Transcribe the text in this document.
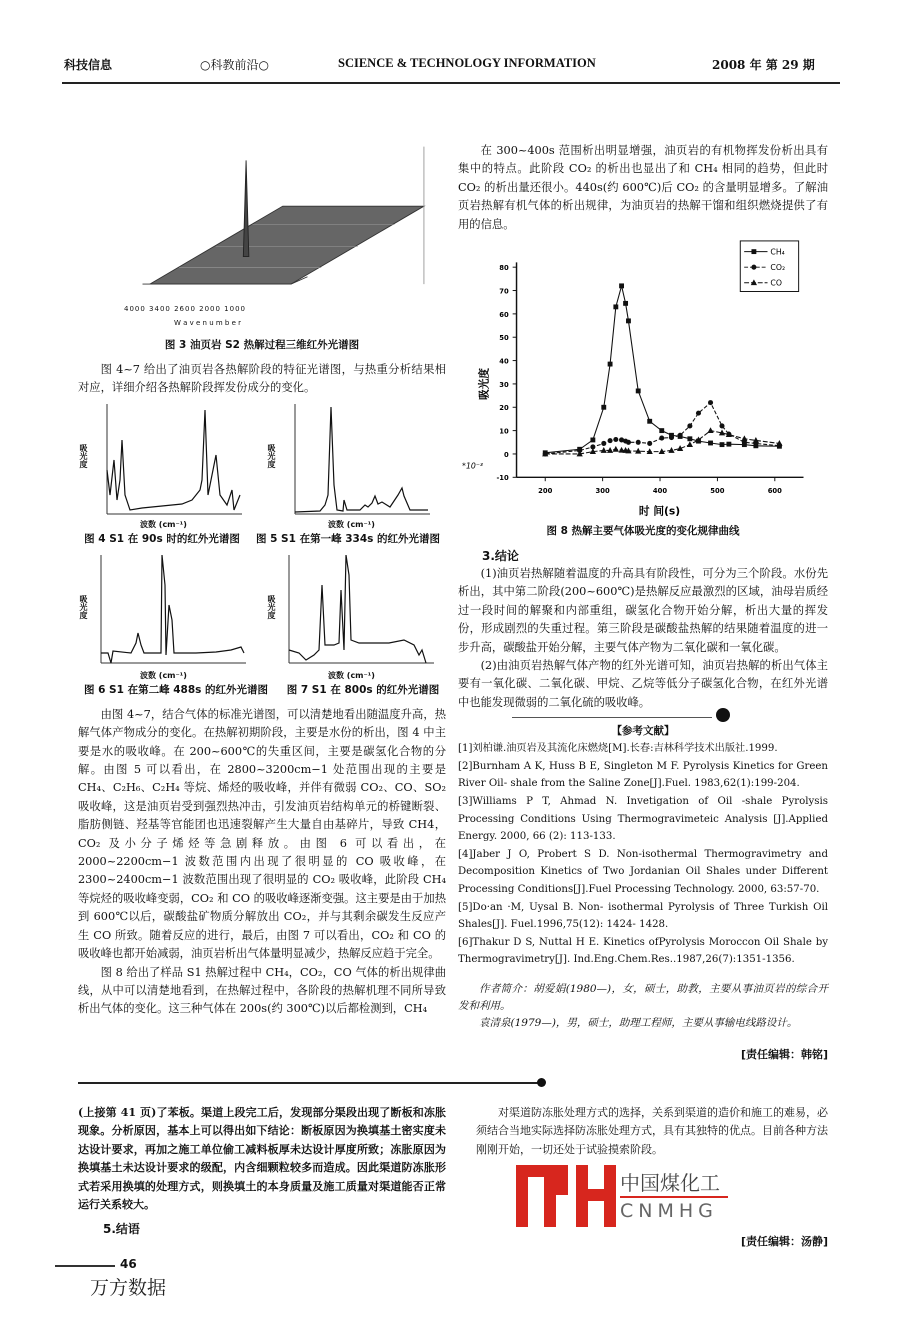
科技信息	○科教前沿○	SCIENCE & TECHNOLOGY INFORMATION	2008 年 第 29 期
4000 3400 2600 2000 1000
W a v e n u m b e r
图 3 油页岩 S2 热解过程三维红外光谱图

图 4~7 给出了油页岩各热解阶段的特征光谱图，与热重分析结果相对应，详细介绍各热解阶段挥发份成分的变化。

吸光度
波数 (cm⁻¹)
吸光度
波数 (cm⁻¹)
图 4 S1 在 90s 时的红外光谱图	图 5 S1 在第一峰 334s 的红外光谱图
吸光度
波数 (cm⁻¹)
吸光度
波数 (cm⁻¹)
图 6 S1 在第二峰 488s 的红外光谱图	图 7 S1 在 800s 的红外光谱图

由图 4~7，结合气体的标准光谱图，可以清楚地看出随温度升高，热解气体产物成分的变化。在热解初期阶段，主要是水份的析出，图 4 中主要是水的吸收峰。在 200~600℃的失重区间，主要是碳氢化合物的分解。由图 5 可以看出，在 2800~3200cm−1 处范围出现的主要是 CH₄、C₂H₆、C₂H₄ 等烷、烯烃的吸收峰，并伴有微弱 CO₂、CO、SO₂ 吸收峰，这是油页岩受到强烈热冲击，引发油页岩结构单元的桥键断裂、脂肪侧链、羟基等官能团也迅速裂解产生大量自由基碎片，导致 CH4，CO₂ 及小分子烯烃等急剧释放。由图 6 可以看出，在 2000~2200cm−1 波数范围内出现了很明显的 CO 吸收峰，在 2300~2400cm−1 波数范围出现了很明显的 CO₂ 吸收峰，此阶段 CH₄ 等烷烃的吸收峰变弱，CO₂ 和 CO 的吸收峰逐渐变强。这主要是由于加热到 600℃以后，碳酸盐矿物质分解放出 CO₂，并与其剩余碳发生反应产生 CO 所致。随着反应的进行，最后，由图 7 可以看出，CO₂ 和 CO 的吸收峰也都开始减弱，油页岩析出气体量明显减少，热解反应趋于完全。

图 8 给出了样品 S1 热解过程中 CH₄，CO₂，CO 气体的析出规律曲线，从中可以清楚地看到，在热解过程中，各阶段的热解机理不同所导致析出气体的变化。这三种气体在 200s(约 300℃)以后都检测到，CH₄

在 300~400s 范围析出明显增强，油页岩的有机物挥发份析出具有集中的特点。此阶段 CO₂ 的析出也显出了和 CH₄ 相同的趋势，但此时 CO₂ 的析出量还很小。440s(约 600℃)后 CO₂ 的含量明显增多。了解油页岩热解有机气体的析出规律，为油页岩的热解干馏和组织燃烧提供了有用的信息。

-10
0
10
20
30
40
50
60
70
80
200	300	400	500	600
*10⁻³
吸光度
时 间(s)
CH₄
CO₂
CO
图 8 热解主要气体吸光度的变化规律曲线
3.结论

(1)油页岩热解随着温度的升高具有阶段性，可分为三个阶段。水份先析出，其中第二阶段(200~600℃)是热解反应最激烈的区域，油母岩质经过一段时间的解聚和内部重组，碳氢化合物开始分解，析出大量的挥发份，形成剧烈的失重过程。第三阶段是碳酸盐热解的结果随着温度的进一步升高，碳酸盐开始分解，主要气体产物为二氧化碳和一氧化碳。

(2)由油页岩热解气体产物的红外光谱可知，油页岩热解的析出气体主要有一氧化碳、二氧化碳、甲烷、乙烷等低分子碳氢化合物，在红外光谱中也能发现微弱的二氧化硫的吸收峰。

【参考文献】

[1]刘柏谦.油页岩及其流化床燃烧[M].长春:吉林科学技术出版社.1999.

[2]Burnham A K, Huss B E, Singleton M F. Pyrolysis Kinetics for Green River Oil- shale from the Saline Zone[J].Fuel. 1983,62(1):199-204.

[3]Williams P T, Ahmad N. Invetigation of Oil -shale Pyrolysis Processing Conditions Using Thermogravimeteic Analysis [J].Applied Energy. 2000, 66 (2): 113-133.

[4]Jaber J O, Probert S D. Non-isothermal Thermogravimetry and Decomposition Kinetics of Two Jordanian Oil Shales under Different Processing Conditions[J].Fuel Processing Technology. 2000, 63:57-70.

[5]Do·an ·M, Uysal B. Non- isothermal Pyrolysis of Three Turkish Oil Shales[J]. Fuel.1996,75(12): 1424- 1428.

[6]Thakur D S, Nuttal H E. Kinetics ofPyrolysis Moroccon Oil Shale by Thermogravimetry[J]. Ind.Eng.Chem.Res..1987,26(7):1351-1356.

作者简介：胡爱娟(1980—)，女，硕士，助教，主要从事油页岩的综合开发和利用。

袁清泉(1979—)，男，硕士，助理工程师，主要从事输电线路设计。

[责任编辑：韩铭]

(上接第 41 页)了苯板。渠道上段完工后，发现部分渠段出现了断板和冻胀现象。分析原因，基本上可以得出如下结论：断板原因为换填基土密实度未达设计要求，再加之施工单位偷工减料板厚未达设计厚度所致；冻胀原因为换填基土未达设计要求的级配，内含细颗粒较多而造成。因此渠道防冻胀形式若采用换填的处理方式，则换填土的本身质量及施工质量对渠道能否正常运行关系较大。

5.结语

对渠道防冻胀处理方式的选择，关系到渠道的造价和施工的难易，必须结合当地实际选择防冻胀处理方式，具有其独特的优点。目前各种方法刚刚开始，一切还处于试验摸索阶段。

中国煤化工
CNMHG
[责任编辑：汤静]
46
万方数据
